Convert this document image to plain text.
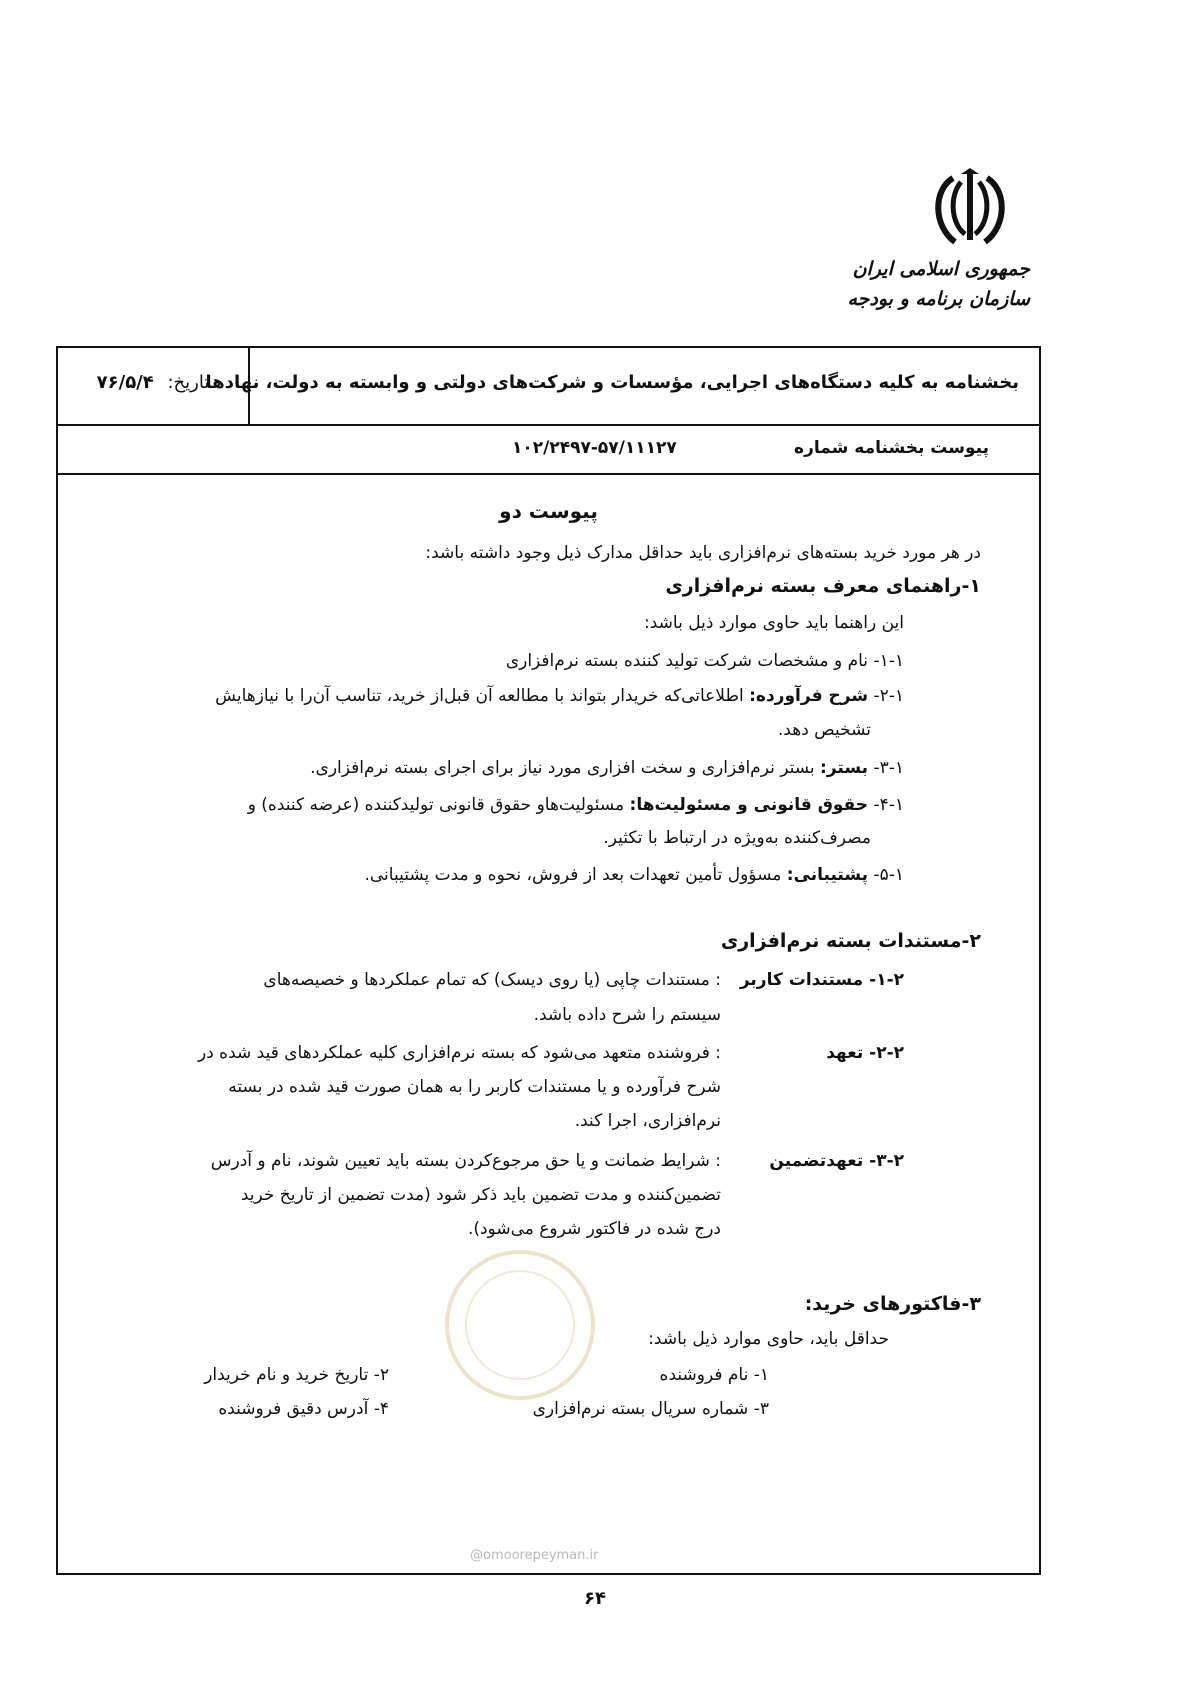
جمهوری اسلامی ایران
سازمان برنامه و بودجه
بخشنامه به کلیه دستگاه‌های اجرایی، مؤسسات و شرکت‌های دولتی و وابسته به دولت، نهادها
تاریخ: ۷۶/۵/۴
پیوست بخشنامه شماره
۱۰۲/۲۴۹۷-۵۷/۱۱۱۲۷
پیوست دو
در هر مورد خرید بسته‌های نرم‌افزاری باید حداقل مدارک ذیل وجود داشته باشد:
۱-راهنمای معرف بسته نرم‌افزاری
این راهنما باید حاوی موارد ذیل باشد:
۱-۱- نام و مشخصات شرکت تولید کننده بسته نرم‌افزاری
۲-۱- شرح فرآورده: اطلاعاتی‌که خریدار بتواند با مطالعه آن قبل‌از خرید، تناسب آن‌را با نیازهایش
تشخیص دهد.
۳-۱- بستر: بستر نرم‌افزاری و سخت افزاری مورد نیاز برای اجرای بسته نرم‌افزاری.
۴-۱- حقوق قانونی و مسئولیت‌ها: مسئولیت‌هاو حقوق قانونی تولیدکننده (عرضه کننده) و
مصرف‌کننده به‌ویژه در ارتباط با تکثیر.
۵-۱- پشتیبانی: مسؤول تأمین تعهدات بعد از فروش، نحوه و مدت پشتیبانی.
۲-مستندات بسته نرم‌افزاری
۱-۲- مستندات کاربر
: مستندات چاپی (یا روی دیسک) که تمام عملکردها و خصیصه‌های
سیستم را شرح داده باشد.
۲-۲- تعهد
: فروشنده متعهد می‌شود که بسته نرم‌افزاری کلیه عملکردهای قید شده در
شرح فرآورده و یا مستندات کاربر را به همان صورت قید شده در بسته
نرم‌افزاری، اجرا کند.
۳-۲- تعهدتضمین
: شرایط ضمانت و یا حق مرجوع‌کردن بسته باید تعیین شوند، نام و آدرس
تضمین‌کننده و مدت تضمین باید ذکر شود (مدت تضمین از تاریخ خرید
درج شده در فاکتور شروع می‌شود).
۳-فاکتورهای خرید:
حداقل باید، حاوی موارد ذیل باشد:
۱- نام فروشنده
۲- تاریخ خرید و نام خریدار
۳- شماره سریال بسته نرم‌افزاری
۴- آدرس دقیق فروشنده
@omoorepeyman.ir
۶۴
